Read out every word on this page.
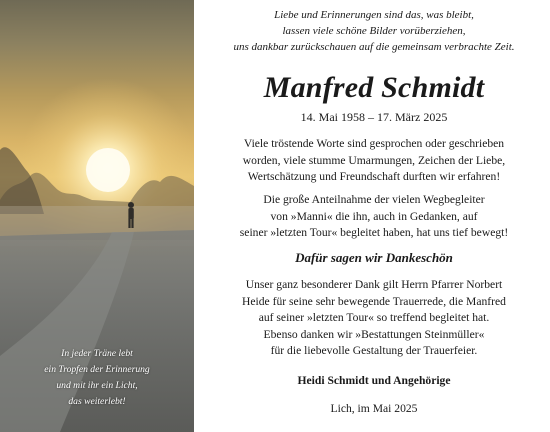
In jeder Träne lebt
ein Tropfen der Erinnerung
und mit ihr ein Licht,
das weiterlebt!
Liebe und Erinnerungen sind das, was bleibt,
lassen viele schöne Bilder vorüberziehen,
uns dankbar zurückschauen auf die gemeinsam verbrachte Zeit.
Manfred Schmidt
14. Mai 1958 – 17. März 2025
Viele tröstende Worte sind gesprochen oder geschrieben
worden, viele stumme Umarmungen, Zeichen der Liebe,
Wertschätzung und Freundschaft durften wir erfahren!
Die große Anteilnahme der vielen Wegbegleiter
von »Manni« die ihn, auch in Gedanken, auf
seiner »letzten Tour« begleitet haben, hat uns tief bewegt!
Dafür sagen wir Dankeschön
Unser ganz besonderer Dank gilt Herrn Pfarrer Norbert
Heide für seine sehr bewegende Trauerrede, die Manfred
auf seiner »letzten Tour« so treffend begleitet hat.
Ebenso danken wir »Bestattungen Steinmüller«
für die liebevolle Gestaltung der Trauerfeier.
Heidi Schmidt und Angehörige
Lich, im Mai 2025
